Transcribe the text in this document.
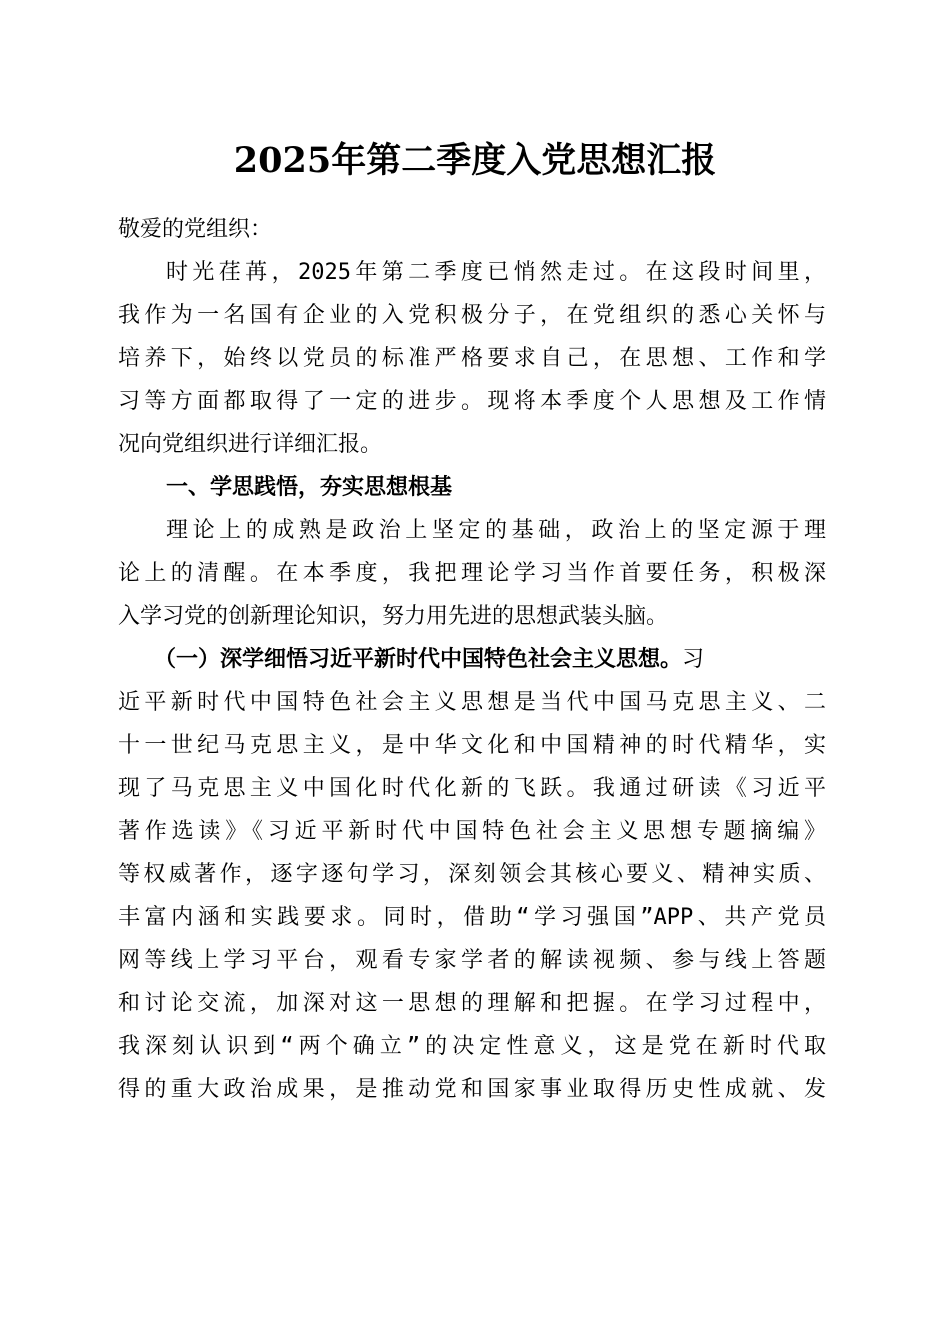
2025年第二季度入党思想汇报

敬爱的党组织：

时光荏苒，2025年第二季度已悄然走过。在这段时间里，

我作为一名国有企业的入党积极分子，在党组织的悉心关怀与

培养下，始终以党员的标准严格要求自己，在思想、工作和学

习等方面都取得了一定的进步。现将本季度个人思想及工作情

况向党组织进行详细汇报。

一、学思践悟，夯实思想根基

理论上的成熟是政治上坚定的基础，政治上的坚定源于理

论上的清醒。在本季度，我把理论学习当作首要任务，积极深

入学习党的创新理论知识，努力用先进的思想武装头脑。

（一）深学细悟习近平新时代中国特色社会主义思想。习

近平新时代中国特色社会主义思想是当代中国马克思主义、二

十一世纪马克思主义，是中华文化和中国精神的时代精华，实

现了马克思主义中国化时代化新的飞跃。我通过研读《习近平

著作选读》《习近平新时代中国特色社会主义思想专题摘编》

等权威著作，逐字逐句学习，深刻领会其核心要义、精神实质、

丰富内涵和实践要求。同时，借助“学习强国”APP、共产党员

网等线上学习平台，观看专家学者的解读视频、参与线上答题

和讨论交流，加深对这一思想的理解和把握。在学习过程中，

我深刻认识到“两个确立”的决定性意义，这是党在新时代取

得的重大政治成果，是推动党和国家事业取得历史性成就、发
